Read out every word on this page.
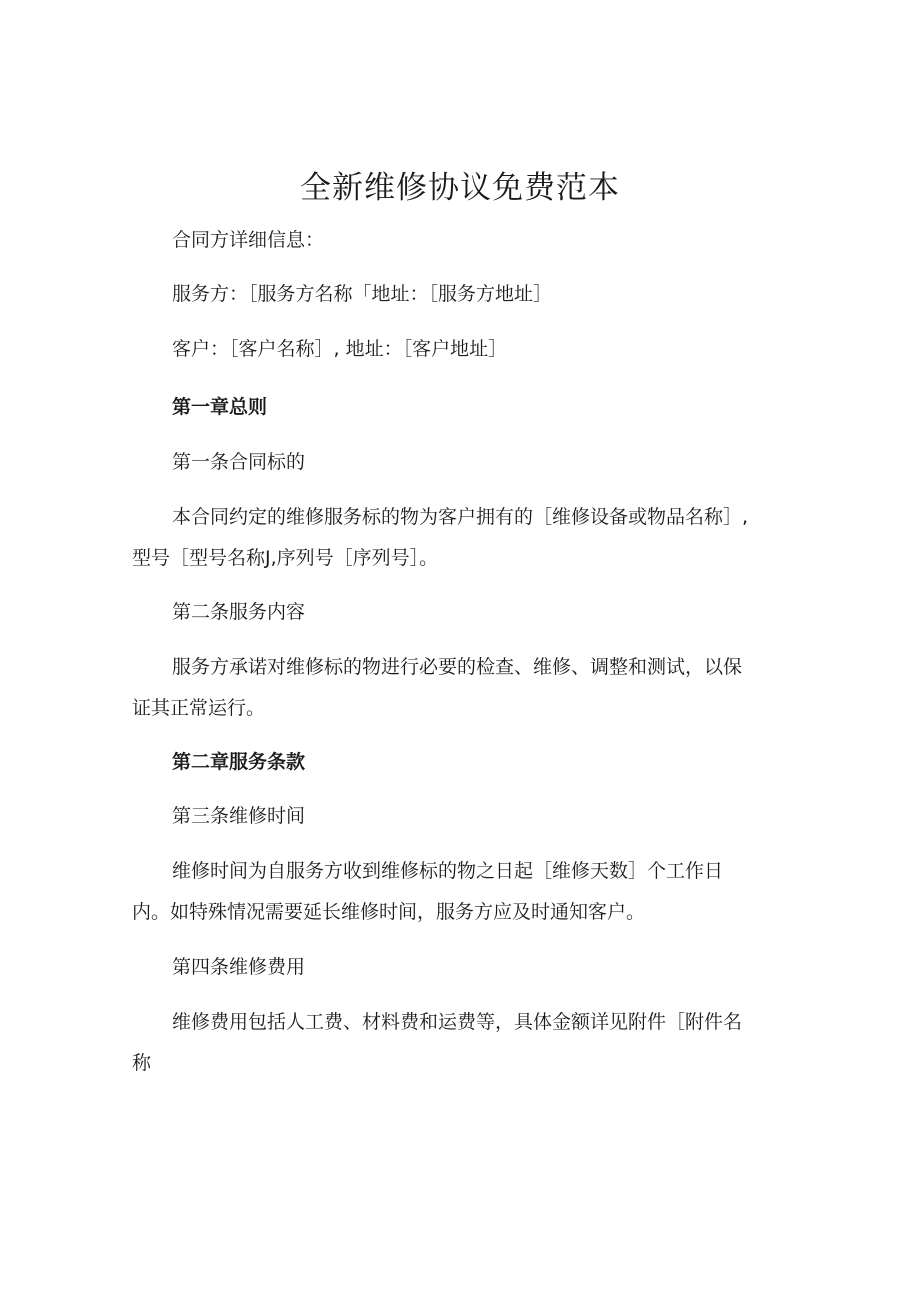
全新维修协议免费范本

合同方详细信息：

服务方：［服务方名称「地址：［服务方地址］

客户：［客户名称］, 地址：［客户地址］

第一章总则

第一条合同标的

本合同约定的维修服务标的物为客户拥有的［维修设备或物品名称］,

型号［型号名称J,序列号［序列号］。

第二条服务内容

服务方承诺对维修标的物进行必要的检查、维修、调整和测试，以保

证其正常运行。

第二章服务条款

第三条维修时间

维修时间为自服务方收到维修标的物之日起［维修天数］个工作日

内。如特殊情况需要延长维修时间，服务方应及时通知客户。

第四条维修费用

维修费用包括人工费、材料费和运费等，具体金额详见附件［附件名

称
